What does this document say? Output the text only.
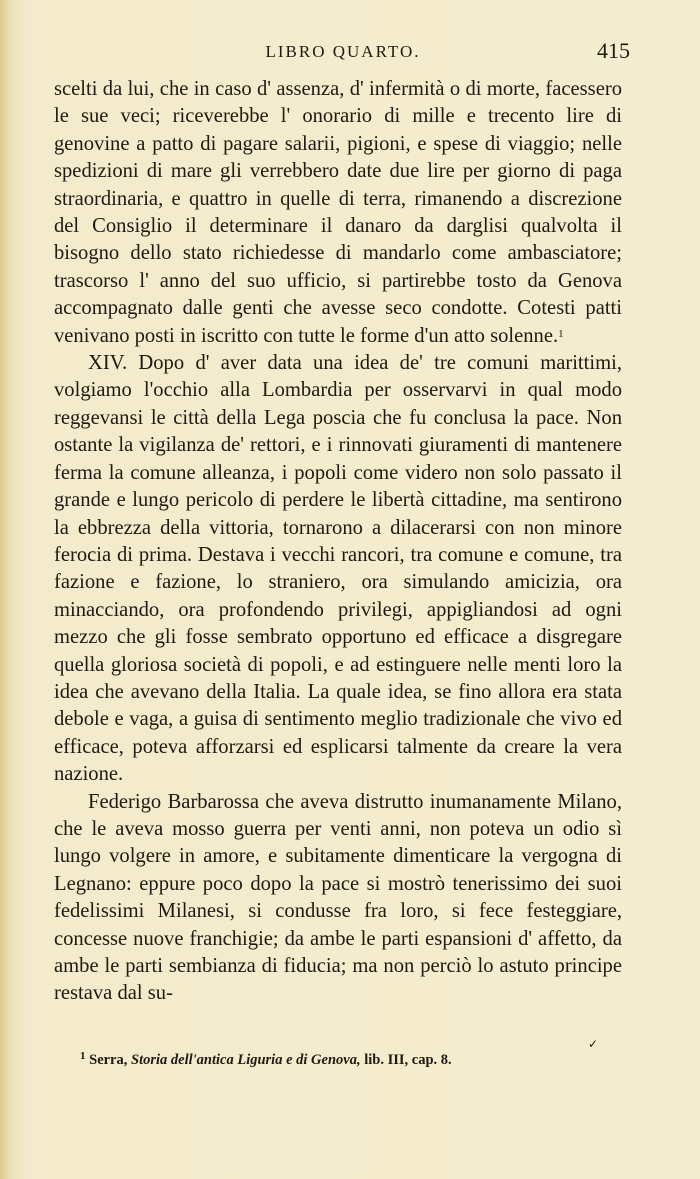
LIBRO QUARTO.	415

scelti da lui, che in caso d' assenza, d' infermità o di morte, facessero le sue veci; riceverebbe l' onorario di mille e trecento lire di genovine a patto di pagare salarii, pigioni, e spese di viaggio; nelle spedizioni di mare gli verrebbero date due lire per giorno di paga straordinaria, e quattro in quelle di terra, rimanendo a discrezione del Consiglio il determinare il danaro da darglisi qualvolta il bisogno dello stato richiedesse di mandarlo come ambasciatore; trascorso l' anno del suo ufficio, si partirebbe tosto da Genova accompagnato dalle genti che avesse seco condotte. Cotesti patti venivano posti in iscritto con tutte le forme d'un atto solenne.$^1$

XIV. Dopo d' aver data una idea de' tre comuni marittimi, volgiamo l'occhio alla Lombardia per osservarvi in qual modo reggevansi le città della Lega poscia che fu conclusa la pace. Non ostante la vigilanza de' rettori, e i rinnovati giuramenti di mantenere ferma la comune alleanza, i popoli come videro non solo passato il grande e lungo pericolo di perdere le libertà cittadine, ma sentirono la ebbrezza della vittoria, tornarono a dilacerarsi con non minore ferocia di prima. Destava i vecchi rancori, tra comune e comune, tra fazione e fazione, lo straniero, ora simulando amicizia, ora minacciando, ora profondendo privilegi, appigliandosi ad ogni mezzo che gli fosse sembrato opportuno ed efficace a disgregare quella gloriosa società di popoli, e ad estinguere nelle menti loro la idea che avevano della Italia. La quale idea, se fino allora era stata debole e vaga, a guisa di sentimento meglio tradizionale che vivo ed efficace, poteva afforzarsi ed esplicarsi talmente da creare la vera nazione.

Federigo Barbarossa che aveva distrutto inumanamente Milano, che le aveva mosso guerra per venti anni, non poteva un odio sì lungo volgere in amore, e subitamente dimenticare la vergogna di Legnano: eppure poco dopo la pace si mostrò tenerissimo dei suoi fedelissimi Milanesi, si condusse fra loro, si fece festeggiare, concesse nuove franchigie; da ambe le parti espansioni d' affetto, da ambe le parti sembianza di fiducia; ma non perciò lo astuto principe restava dal su-

✓
$^1$ Serra, Storia dell'antica Liguria e di Genova, lib. III, cap. 8.
